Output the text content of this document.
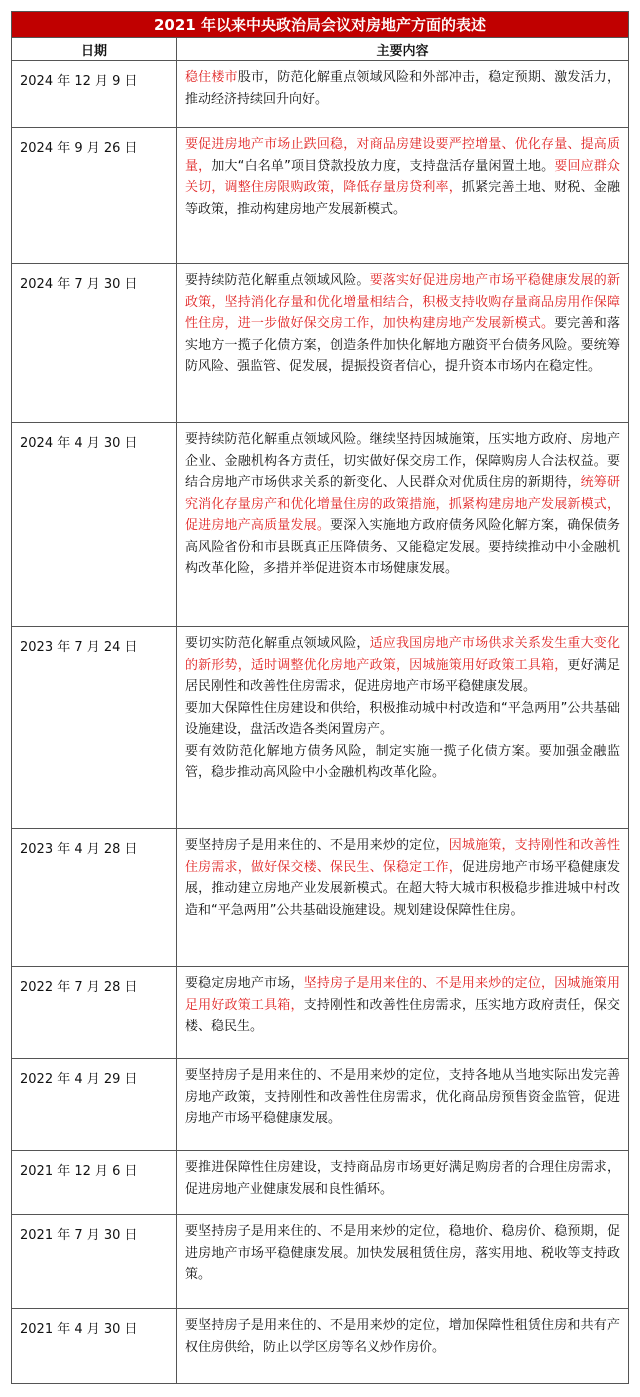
2021 年以来中央政治局会议对房地产方面的表述	
日期	主要内容
2024 年 12 月 9 日	稳住楼市股市，防范化解重点领域风险和外部冲击，稳定预期、激发活力，推动经济持续回升向好。

2024 年 9 月 26 日	要促进房地产市场止跌回稳，对商品房建设要严控增量、优化存量、提高质量，加大“白名单”项目贷款投放力度，支持盘活存量闲置土地。要回应群众关切，调整住房限购政策，降低存量房贷利率，抓紧完善土地、财税、金融等政策，推动构建房地产发展新模式。

2024 年 7 月 30 日	要持续防范化解重点领域风险。要落实好促进房地产市场平稳健康发展的新政策，坚持消化存量和优化增量相结合，积极支持收购存量商品房用作保障性住房，进一步做好保交房工作，加快构建房地产发展新模式。要完善和落实地方一揽子化债方案，创造条件加快化解地方融资平台债务风险。要统筹防风险、强监管、促发展，提振投资者信心，提升资本市场内在稳定性。

2024 年 4 月 30 日	要持续防范化解重点领域风险。继续坚持因城施策，压实地方政府、房地产企业、金融机构各方责任，切实做好保交房工作，保障购房人合法权益。要结合房地产市场供求关系的新变化、人民群众对优质住房的新期待，统筹研究消化存量房产和优化增量住房的政策措施，抓紧构建房地产发展新模式，促进房地产高质量发展。要深入实施地方政府债务风险化解方案，确保债务高风险省份和市县既真正压降债务、又能稳定发展。要持续推动中小金融机构改革化险，多措并举促进资本市场健康发展。

2023 年 7 月 24 日	要切实防范化解重点领域风险，适应我国房地产市场供求关系发生重大变化的新形势，适时调整优化房地产政策，因城施策用好政策工具箱，更好满足居民刚性和改善性住房需求，促进房地产市场平稳健康发展。
要加大保障性住房建设和供给，积极推动城中村改造和“平急两用”公共基础设施建设，盘活改造各类闲置房产。
要有效防范化解地方债务风险，制定实施一揽子化债方案。要加强金融监管，稳步推动高风险中小金融机构改革化险。

2023 年 4 月 28 日	要坚持房子是用来住的、不是用来炒的定位，因城施策，支持刚性和改善性住房需求，做好保交楼、保民生、保稳定工作，促进房地产市场平稳健康发展，推动建立房地产业发展新模式。在超大特大城市积极稳步推进城中村改造和“平急两用”公共基础设施建设。规划建设保障性住房。

2022 年 7 月 28 日	要稳定房地产市场，坚持房子是用来住的、不是用来炒的定位，因城施策用足用好政策工具箱，支持刚性和改善性住房需求，压实地方政府责任，保交楼、稳民生。

2022 年 4 月 29 日	要坚持房子是用来住的、不是用来炒的定位，支持各地从当地实际出发完善房地产政策，支持刚性和改善性住房需求，优化商品房预售资金监管，促进房地产市场平稳健康发展。

2021 年 12 月 6 日	要推进保障性住房建设，支持商品房市场更好满足购房者的合理住房需求，促进房地产业健康发展和良性循环。

2021 年 7 月 30 日	要坚持房子是用来住的、不是用来炒的定位，稳地价、稳房价、稳预期，促进房地产市场平稳健康发展。加快发展租赁住房，落实用地、税收等支持政策。

2021 年 4 月 30 日	要坚持房子是用来住的、不是用来炒的定位，增加保障性租赁住房和共有产权住房供给，防止以学区房等名义炒作房价。
